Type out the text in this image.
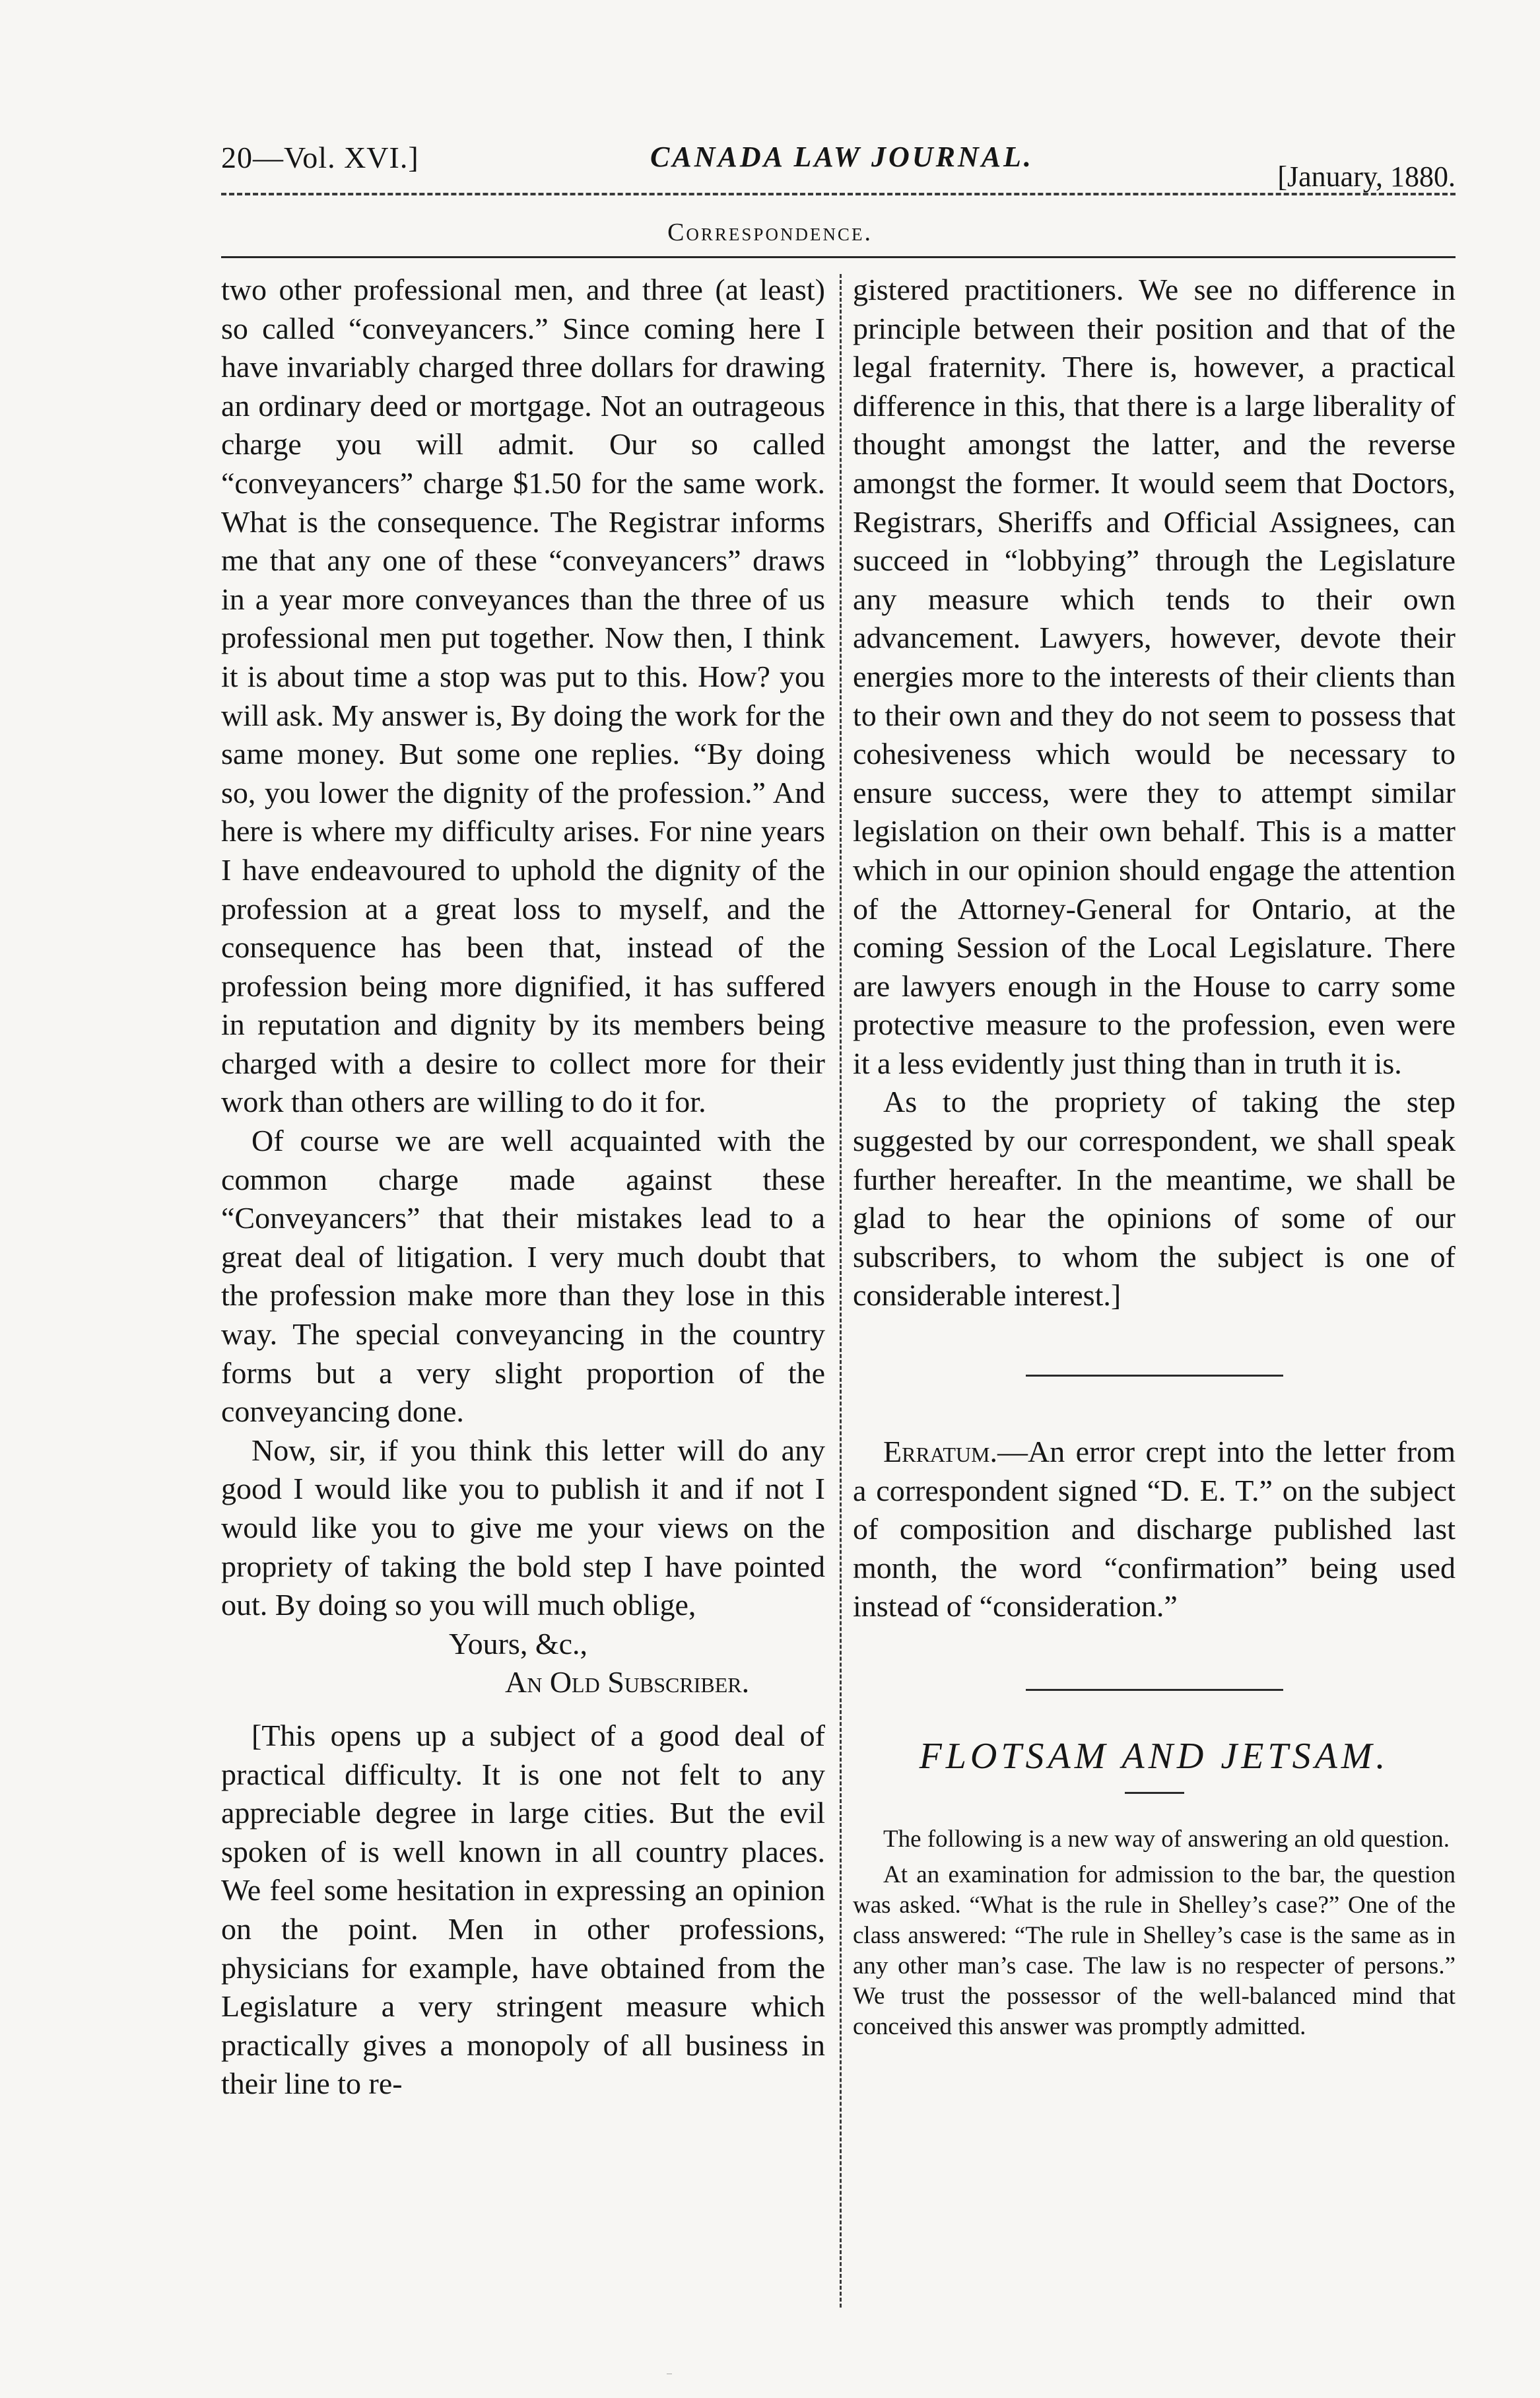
20—Vol. XVI.]	CANADA LAW JOURNAL.
[January, 1880.
Correspondence.

two other professional men, and three (at least) so called “conveyancers.” Since coming here I have invariably charged three dollars for drawing an ordinary deed or mortgage. Not an outrageous charge you will admit. Our so called “conveyancers” charge $1.50 for the same work. What is the consequence. The Registrar informs me that any one of these “conveyancers” draws in a year more conveyances than the three of us professional men put together. Now then, I think it is about time a stop was put to this. How? you will ask. My answer is, By doing the work for the same money. But some one replies. “By doing so, you lower the dignity of the profession.” And here is where my difficulty arises. For nine years I have endeavoured to uphold the dignity of the profession at a great loss to myself, and the consequence has been that, instead of the profession being more dignified, it has suffered in reputation and dignity by its members being charged with a desire to collect more for their work than others are willing to do it for.

Of course we are well acquainted with the common charge made against these “Conveyancers” that their mistakes lead to a great deal of litigation. I very much doubt that the profession make more than they lose in this way. The special conveyancing in the country forms but a very slight proportion of the conveyancing done.

Now, sir, if you think this letter will do any good I would like you to publish it and if not I would like you to give me your views on the propriety of taking the bold step I have pointed out. By doing so you will much oblige,

Yours, &c.,

An Old Subscriber.

[This opens up a subject of a good deal of practical difficulty. It is one not felt to any appreciable degree in large cities. But the evil spoken of is well known in all country places. We feel some hesitation in expressing an opinion on the point. Men in other professions, physicians for example, have obtained from the Legislature a very stringent measure which practically gives a monopoly of all business in their line to re-

gistered practitioners. We see no difference in principle between their position and that of the legal fraternity. There is, however, a practical difference in this, that there is a large liberality of thought amongst the latter, and the reverse amongst the former. It would seem that Doctors, Registrars, Sheriffs and Official Assignees, can succeed in “lobbying” through the Legislature any measure which tends to their own advancement. Lawyers, however, devote their energies more to the interests of their clients than to their own and they do not seem to possess that cohesiveness which would be necessary to ensure success, were they to attempt similar legislation on their own behalf. This is a matter which in our opinion should engage the attention of the Attorney-General for Ontario, at the coming Session of the Local Legislature. There are lawyers enough in the House to carry some protective measure to the profession, even were it a less evidently just thing than in truth it is.

As to the propriety of taking the step suggested by our correspondent, we shall speak further hereafter. In the meantime, we shall be glad to hear the opinions of some of our subscribers, to whom the subject is one of considerable interest.]

Erratum.—An error crept into the letter from a correspondent signed “D. E. T.” on the subject of composition and discharge published last month, the word “confirmation” being used instead of “consideration.”

FLOTSAM AND JETSAM.

The following is a new way of answering an old question.

At an examination for admission to the bar, the question was asked. “What is the rule in Shelley’s case?” One of the class answered: “The rule in Shelley’s case is the same as in any other man’s case. The law is no respecter of persons.” We trust the possessor of the well-balanced mind that conceived this answer was promptly admitted.

‾
